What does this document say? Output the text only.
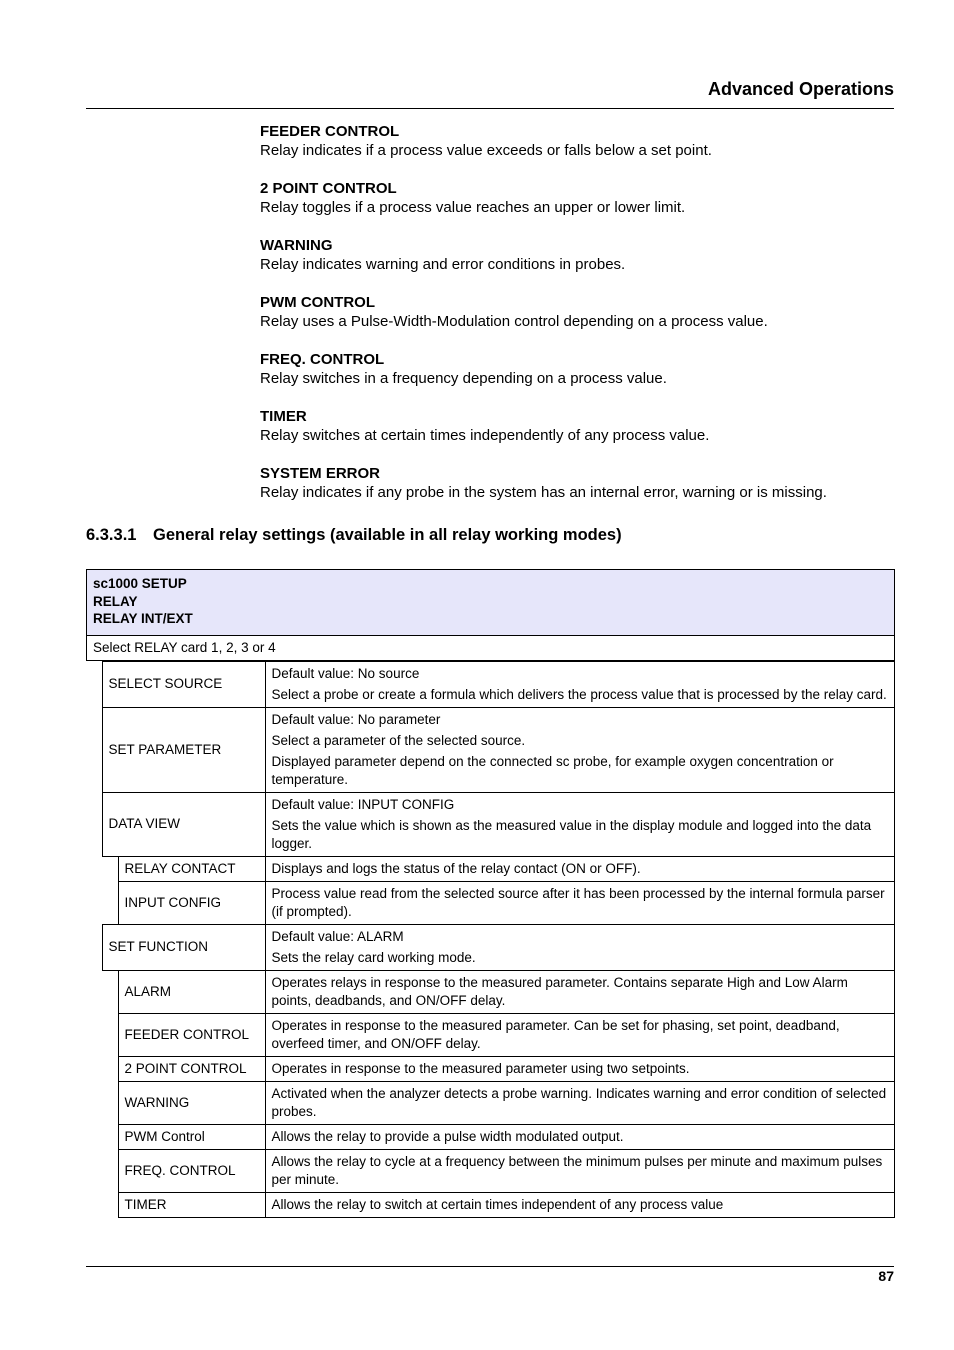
Advanced Operations
FEEDER CONTROL
Relay indicates if a process value exceeds or falls below a set point.
2 POINT CONTROL
Relay toggles if a process value reaches an upper or lower limit.
WARNING
Relay indicates warning and error conditions in probes.
PWM CONTROL
Relay uses a Pulse-Width-Modulation control depending on a process value.
FREQ. CONTROL
Relay switches in a frequency depending on a process value.
TIMER
Relay switches at certain times independently of any process value.
SYSTEM ERROR
Relay indicates if any probe in the system has an internal error, warning or is missing.
6.3.3.1 General relay settings (available in all relay working modes)
sc1000 SETUP
RELAY
RELAY INT/EXT
Select RELAY card 1, 2, 3 or 4
	SELECT SOURCE		Default value: No source

Select a probe or create a formula which delivers the process value that is processed by the relay card.

	SET PARAMETER		Default value: No parameter

Select a parameter of the selected source.

Displayed parameter depend on the connected sc probe, for example oxygen concentration or temperature.

	DATA VIEW		Default value: INPUT CONFIG

Sets the value which is shown as the measured value in the display module and logged into the data logger.

		RELAY CONTACT	Displays and logs the status of the relay contact (ON or OFF).

		INPUT CONFIG	Process value read from the selected source after it has been processed by the internal formula parser (if prompted).

	SET FUNCTION		Default value: ALARM

Sets the relay card working mode.

		ALARM	Operates relays in response to the measured parameter. Contains separate High and Low Alarm points, deadbands, and ON/OFF delay.

		FEEDER CONTROL	Operates in response to the measured parameter. Can be set for phasing, set point, deadband, overfeed timer, and ON/OFF delay.

		2 POINT CONTROL	Operates in response to the measured parameter using two setpoints.

		WARNING	Activated when the analyzer detects a probe warning. Indicates warning and error condition of selected probes.

		PWM Control	Allows the relay to provide a pulse width modulated output.

		FREQ. CONTROL	Allows the relay to cycle at a frequency between the minimum pulses per minute and maximum pulses per minute.

		TIMER	Allows the relay to switch at certain times independent of any process value

87
